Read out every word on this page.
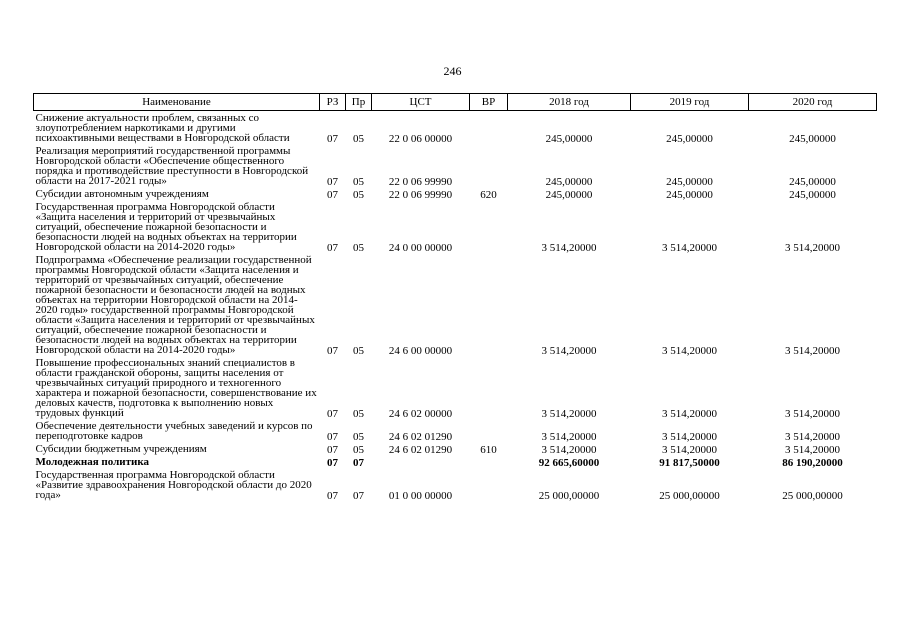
246
Наименование	РЗ	Пр	ЦСТ	ВР	2018 год	2019 год	2020 год
Снижение актуальности проблем, связанных со злоупотреблением наркотиками и другими психоактивными веществами в Новгородской области	07	05	22 0 06 00000		245,00000	245,00000	245,00000
Реализация мероприятий государственной программы Новгородской области «Обеспечение общественного порядка и противодействие преступности в Новгородской области на 2017-2021 годы»	07	05	22 0 06 99990		245,00000	245,00000	245,00000
Субсидии автономным учреждениям	07	05	22 0 06 99990	620	245,00000	245,00000	245,00000
Государственная программа Новгородской области «Защита населения и территорий от чрезвычайных ситуаций, обеспечение пожарной безопасности и безопасности людей на водных объектах на территории Новгородской области на 2014-2020 годы»	07	05	24 0 00 00000		3 514,20000	3 514,20000	3 514,20000
Подпрограмма «Обеспечение реализации государственной программы Новгородской области «Защита населения и территорий от чрезвычайных ситуаций, обеспечение пожарной безопасности и безопасности людей на водных объектах на территории Новгородской области на 2014-2020 годы» государственной программы Новгородской области «Защита населения и территорий от чрезвычайных ситуаций, обеспечение пожарной безопасности и безопасности людей на водных объектах на территории Новгородской области на 2014-2020 годы»	07	05	24 6 00 00000		3 514,20000	3 514,20000	3 514,20000
Повышение профессиональных знаний специалистов в области гражданской обороны, защиты населения от чрезвычайных ситуаций природного и техногенного характера и пожарной безопасности, совершенствование их деловых качеств, подготовка к выполнению новых трудовых функций	07	05	24 6 02 00000		3 514,20000	3 514,20000	3 514,20000
Обеспечение деятельности учебных заведений и курсов по переподготовке кадров	07	05	24 6 02 01290		3 514,20000	3 514,20000	3 514,20000
Субсидии бюджетным учреждениям	07	05	24 6 02 01290	610	3 514,20000	3 514,20000	3 514,20000
Молодежная политика	07	07			92 665,60000	91 817,50000	86 190,20000
Государственная программа Новгородской области «Развитие здравоохранения Новгородской области до 2020 года»	07	07	01 0 00 00000		25 000,00000	25 000,00000	25 000,00000
